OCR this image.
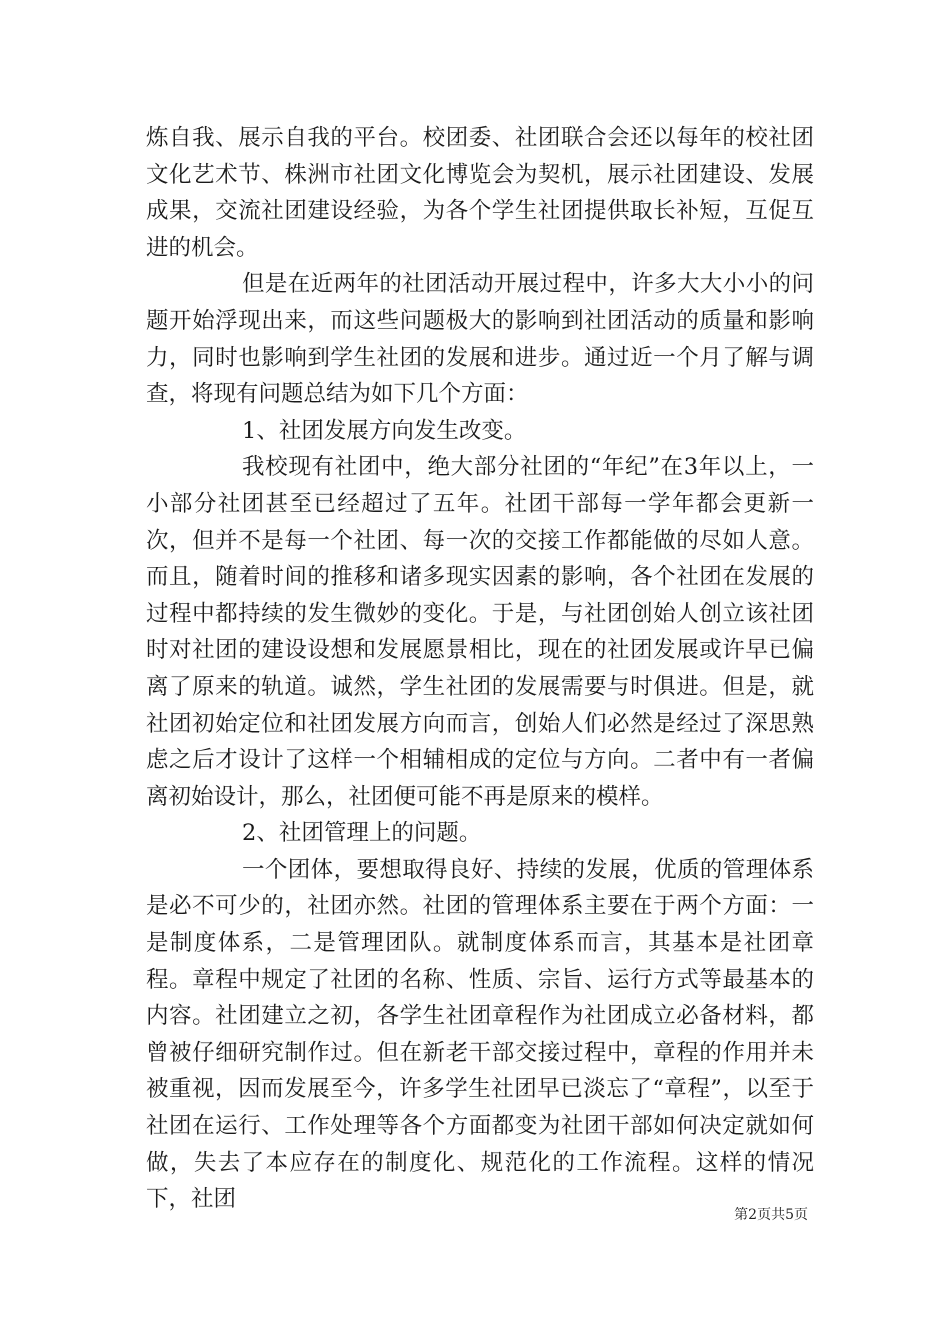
炼自我、展示自我的平台。校团委、社团联合会还以每年的校社团文化艺术节、株洲市社团文化博览会为契机，展示社团建设、发展成果，交流社团建设经验，为各个学生社团提供取长补短，互促互进的机会。

但是在近两年的社团活动开展过程中，许多大大小小的问题开始浮现出来，而这些问题极大的影响到社团活动的质量和影响力，同时也影响到学生社团的发展和进步。通过近一个月了解与调查，将现有问题总结为如下几个方面：

1、社团发展方向发生改变。

我校现有社团中，绝大部分社团的“年纪”在3年以上，一小部分社团甚至已经超过了五年。社团干部每一学年都会更新一次，但并不是每一个社团、每一次的交接工作都能做的尽如人意。而且，随着时间的推移和诸多现实因素的影响，各个社团在发展的过程中都持续的发生微妙的变化。于是，与社团创始人创立该社团时对社团的建设设想和发展愿景相比，现在的社团发展或许早已偏离了原来的轨道。诚然，学生社团的发展需要与时俱进。但是，就社团初始定位和社团发展方向而言，创始人们必然是经过了深思熟虑之后才设计了这样一个相辅相成的定位与方向。二者中有一者偏离初始设计，那么，社团便可能不再是原来的模样。

2、社团管理上的问题。

一个团体，要想取得良好、持续的发展，优质的管理体系是必不可少的，社团亦然。社团的管理体系主要在于两个方面：一是制度体系，二是管理团队。就制度体系而言，其基本是社团章程。章程中规定了社团的名称、性质、宗旨、运行方式等最基本的内容。社团建立之初，各学生社团章程作为社团成立必备材料，都曾被仔细研究制作过。但在新老干部交接过程中，章程的作用并未被重视，因而发展至今，许多学生社团早已淡忘了“章程”，以至于社团在运行、工作处理等各个方面都变为社团干部如何决定就如何做，失去了本应存在的制度化、规范化的工作流程。这样的情况下，社团

第2页共5页
